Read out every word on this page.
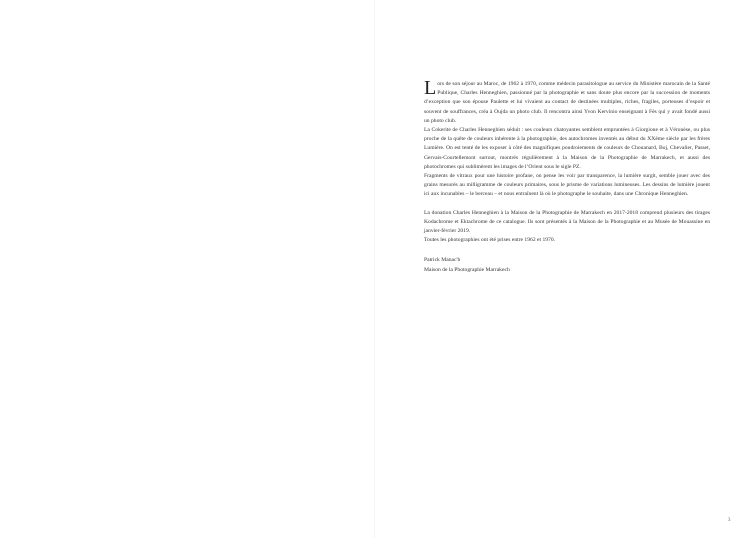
Lors de son séjour au Maroc, de 1962 à 1970, comme médecin parasitologue au service du Ministère marocain de la Santé Publique, Charles Henneghien, passionné par la photographie et sans doute plus encore par la succession de moments d’exception que son épouse Paulette et lui vivaient au contact de destinées multiples, riches, fragiles, porteuses d’espoir et souvent de souffrances, créa à Oujda un photo club. Il rencontra ainsi Yvon Kervinio enseignant à Fès qui y avait fondé aussi un photo club.

La Cokerite de Charles Henneghien séduit : ses couleurs chatoyantes semblent empruntées à Giorgione et à Véronèse, ou plus proche de la quête de couleurs inhérente à la photographie, des autochromes inventés au début du XXème siècle par les frères Lumière. On est tenté de les exposer à côté des magnifiques poudroiements de couleurs de Chouanard, Boj, Chevalier, Passet, Gervais-Courtellemont surtout, montrés régulièrement à la Maison de la Photographie de Marrakech, et aussi des photochromes qui sublimèrent les images de l’Orient sous le sigle PZ.

Fragments de vitraux pour une histoire profane, on pense les voir par transparence, la lumière surgit, semble jouer avec des grains mesurés au milligramme de couleurs primaires, sous le prisme de variations lumineuses. Les dessins de lumière jouent ici aux incunables – le berceau – et nous entraînent là où le photographe le souhaite, dans une Chronique Henneghien.

La donation Charles Henneghien à la Maison de la Photographie de Marrakech en 2017-2018 comprend plusieurs des tirages Kodachrome et Ektachrome de ce catalogue. Ils sont présentés à la Maison de la Photographie et au Musée de Mouassine en janvier-février 2019.

Toutes les photographies ont été prises entre 1962 et 1970.

Patrick Manac'h

Maison de la Photographie Marrakech

3
